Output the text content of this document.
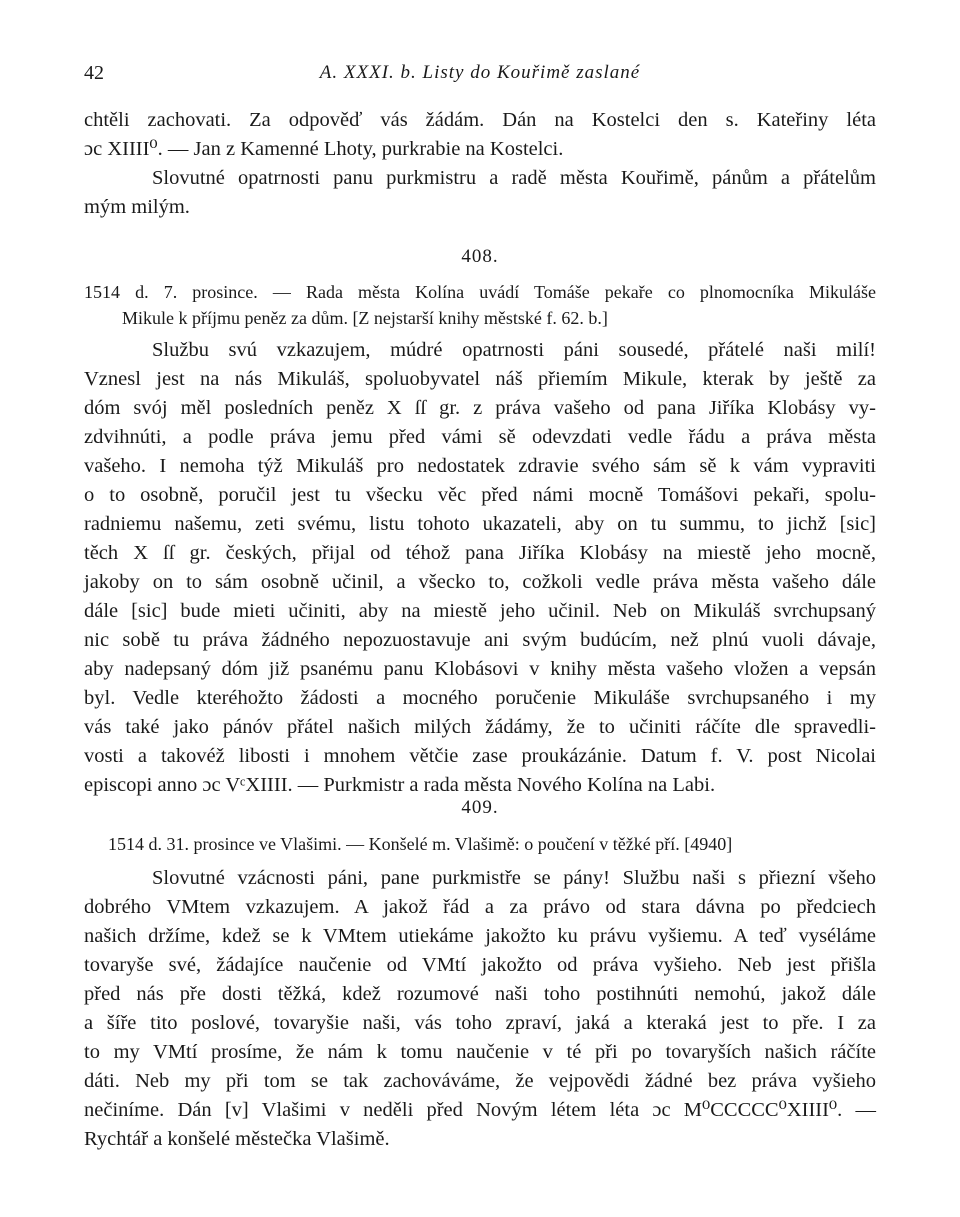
42	A. XXXI. b. Listy do Kouřimě zaslané
chtěli zachovati. Za odpověď vás žádám. Dán na Kostelci den s. Kateřiny léta
ɔc XIIII⁰. — Jan z Kamenné Lhoty, purkrabie na Kostelci.
Slovutné opatrnosti panu purkmistru a radě města Kouřimě, pánům a přátelům
mým milým.
408.
1514 d. 7. prosince. — Rada města Kolína uvádí Tomáše pekaře co plnomocníka Mikuláše
Mikule k příjmu peněz za dům. [Z nejstarší knihy městské f. 62. b.]
Službu svú vzkazujem, múdré opatrnosti páni sousedé, přátelé naši milí!
Vznesl jest na nás Mikuláš, spoluobyvatel náš přiemím Mikule, kterak by ještě za
dóm svój měl posledních peněz X ſſ gr. z práva vašeho od pana Jiříka Klobásy vy-
zdvihnúti, a podle práva jemu před vámi sě odevzdati vedle řádu a práva města
vašeho. I nemoha týž Mikuláš pro nedostatek zdravie svého sám sě k vám vypraviti
o to osobně, poručil jest tu všecku věc před námi mocně Tomášovi pekaři, spolu-
radniemu našemu, zeti svému, listu tohoto ukazateli, aby on tu summu, to jichž [sic]
těch X ſſ gr. českých, přijal od téhož pana Jiříka Klobásy na miestě jeho mocně,
jakoby on to sám osobně učinil, a všecko to, cožkoli vedle práva města vašeho dále
dále [sic] bude mieti učiniti, aby na miestě jeho učinil. Neb on Mikuláš svrchupsaný
nic sobě tu práva žádného nepozuostavuje ani svým budúcím, než plnú vuoli dávaje,
aby nadepsaný dóm již psanému panu Klobásovi v knihy města vašeho vložen a vepsán
byl. Vedle kteréhožto žádosti a mocného poručenie Mikuláše svrchupsaného i my
vás také jako pánóv přátel našich milých žádámy, že to učiniti ráčíte dle spravedli-
vosti a takovéž libosti i mnohem větčie zase proukázánie. Datum f. V. post Nicolai
episcopi anno ɔc VᶜXIIII. — Purkmistr a rada města Nového Kolína na Labi.
409.
1514 d. 31. prosince ve Vlašimi. — Konšelé m. Vlašimě: o poučení v těžké pří. [4940]
Slovutné vzácnosti páni, pane purkmistře se pány! Službu naši s přiezní všeho
dobrého VMtem vzkazujem. A jakož řád a za právo od stara dávna po předciech
našich držíme, kdež se k VMtem utiekáme jakožto ku právu vyšiemu. A teď vyséláme
tovaryše své, žádajíce naučenie od VMtí jakožto od práva vyšieho. Neb jest přišla
před nás pře dosti těžká, kdež rozumové naši toho postihnúti nemohú, jakož dále
a šíře tito poslové, tovaryšie naši, vás toho zpraví, jaká a kteraká jest to pře. I za
to my VMtí prosíme, že nám k tomu naučenie v té při po tovaryších našich ráčíte
dáti. Neb my při tom se tak zachováváme, že vejpovědi žádné bez práva vyšieho
nečiníme. Dán [v] Vlašimi v neděli před Novým létem léta ɔc M⁰CCCCC⁰XIIII⁰. —
Rychtář a konšelé městečka Vlašimě.
